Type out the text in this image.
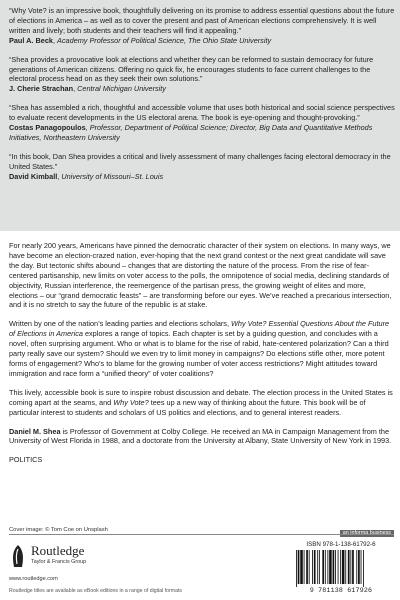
“Why Vote? is an impressive book, thoughtfully delivering on its promise to address essential questions about the future of elections in America – as well as to cover the present and past of American elections comprehensively. It is well written and lively; both students and their teachers will find it appealing.”
Paul A. Beck, Academy Professor of Political Science, The Ohio State University
“Shea provides a provocative look at elections and whether they can be reformed to sustain democracy for future generations of American citizens. Offering no quick fix, he encourages students to face current challenges to the electoral process head on as they seek their own solutions.”
J. Cherie Strachan, Central Michigan University
“Shea has assembled a rich, thoughtful and accessible volume that uses both historical and social science perspectives to evaluate recent developments in the US electoral arena. The book is eye-opening and thought-provoking.”
Costas Panagopoulos, Professor, Department of Political Science; Director, Big Data and Quantitative Methods Initiatives, Northeastern University
“In this book, Dan Shea provides a critical and lively assessment of many challenges facing electoral democracy in the United States.”
David Kimball, University of Missouri–St. Louis

For nearly 200 years, Americans have pinned the democratic character of their system on elections. In many ways, we have become an election-crazed nation, ever-hoping that the next grand contest or the next great candidate will save the day. But tectonic shifts abound – changes that are distorting the nature of the process. From the rise of fear-centered partisanship, new limits on voter access to the polls, the omnipotence of social media, declining standards of objectivity, Russian interference, the reemergence of the partisan press, the growing weight of elites and more, elections – our “grand democratic feasts” – are transforming before our eyes. We’ve reached a precarious intersection, and it is no stretch to say the future of the republic is at stake.

Written by one of the nation’s leading parties and elections scholars, Why Vote? Essential Questions About the Future of Elections in America explores a range of topics. Each chapter is set by a guiding question, and concludes with a novel, often surprising argument. Who or what is to blame for the rise of rabid, hate-centered polarization? Can a third party really save our system? Should we even try to limit money in campaigns? Do elections stifle other, more potent forms of engagement? Who’s to blame for the growing number of voter access restrictions? Might attitudes toward immigration and race form a “unified theory” of voter coalitions?

This lively, accessible book is sure to inspire robust discussion and debate. The election process in the United States is coming apart at the seams, and Why Vote? tees up a new way of thinking about the future. This book will be of particular interest to students and scholars of US politics and elections, and to general interest readers.

Daniel M. Shea is Professor of Government at Colby College. He received an MA in Campaign Management from the University of West Florida in 1988, and a doctorate from the University at Albany, State University of New York in 1993.

POLITICS
Cover image: © Tom Coe on Unsplash	an informa business
Routledge
Taylor & Francis Group
www.routledge.com
Routledge titles are available as eBook editions in a range of digital formats
ISBN 978-1-138-61792-6
9 781138 617926
